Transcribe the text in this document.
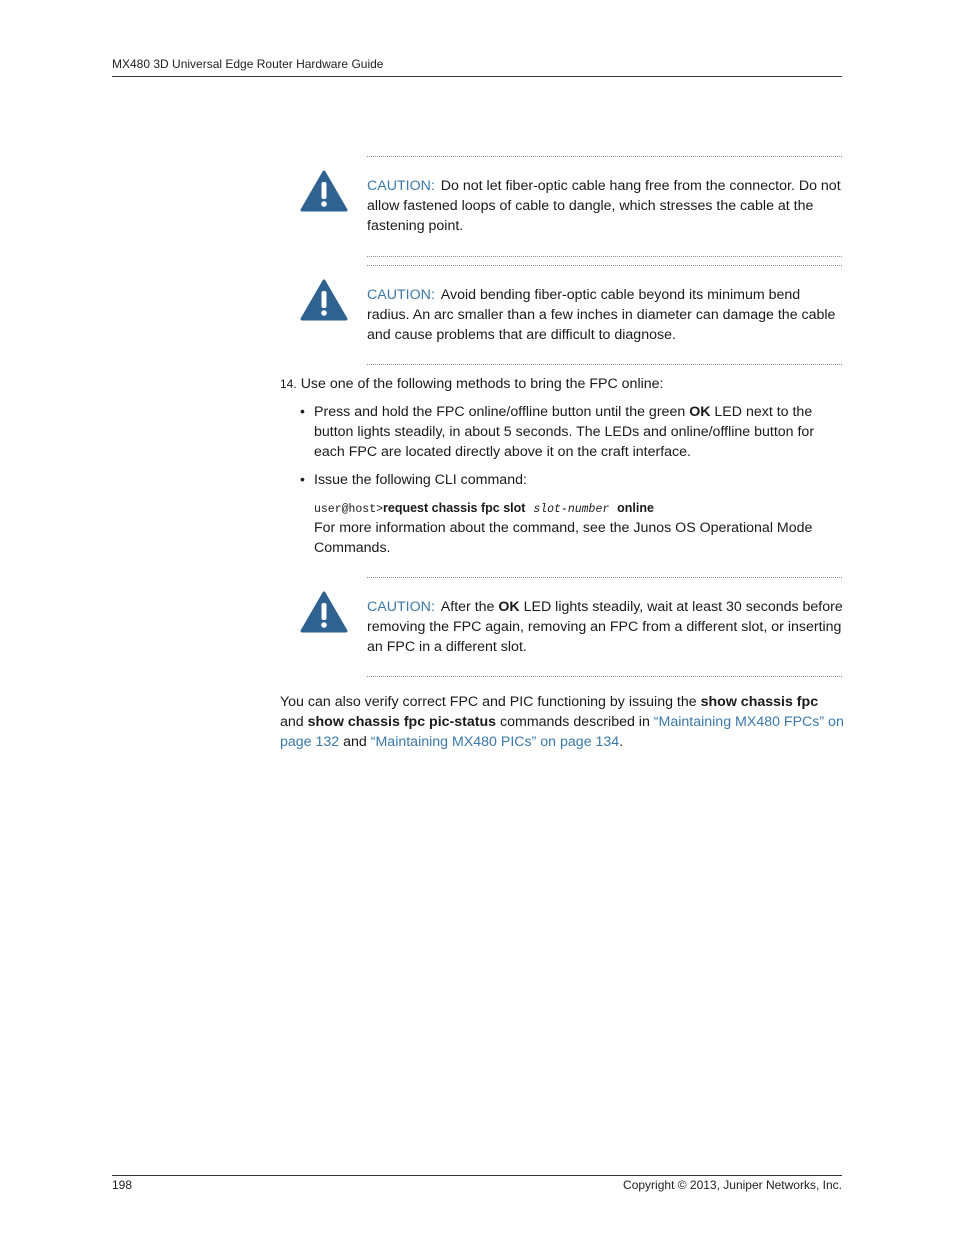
MX480 3D Universal Edge Router Hardware Guide
CAUTION: Do not let fiber-optic cable hang free from the connector. Do not allow fastened loops of cable to dangle, which stresses the cable at the fastening point.
CAUTION: Avoid bending fiber-optic cable beyond its minimum bend radius. An arc smaller than a few inches in diameter can damage the cable and cause problems that are difficult to diagnose.
14. Use one of the following methods to bring the FPC online:
• Press and hold the FPC online/offline button until the green OK LED next to the button lights steadily, in about 5 seconds. The LEDs and online/offline button for each FPC are located directly above it on the craft interface.
• Issue the following CLI command:
user@host>request chassis fpc slot slot-number online
For more information about the command, see the Junos OS Operational Mode Commands.
CAUTION: After the OK LED lights steadily, wait at least 30 seconds before removing the FPC again, removing an FPC from a different slot, or inserting an FPC in a different slot.
You can also verify correct FPC and PIC functioning by issuing the show chassis fpc and show chassis fpc pic-status commands described in “Maintaining MX480 FPCs” on page 132 and “Maintaining MX480 PICs” on page 134.
198	Copyright © 2013, Juniper Networks, Inc.
